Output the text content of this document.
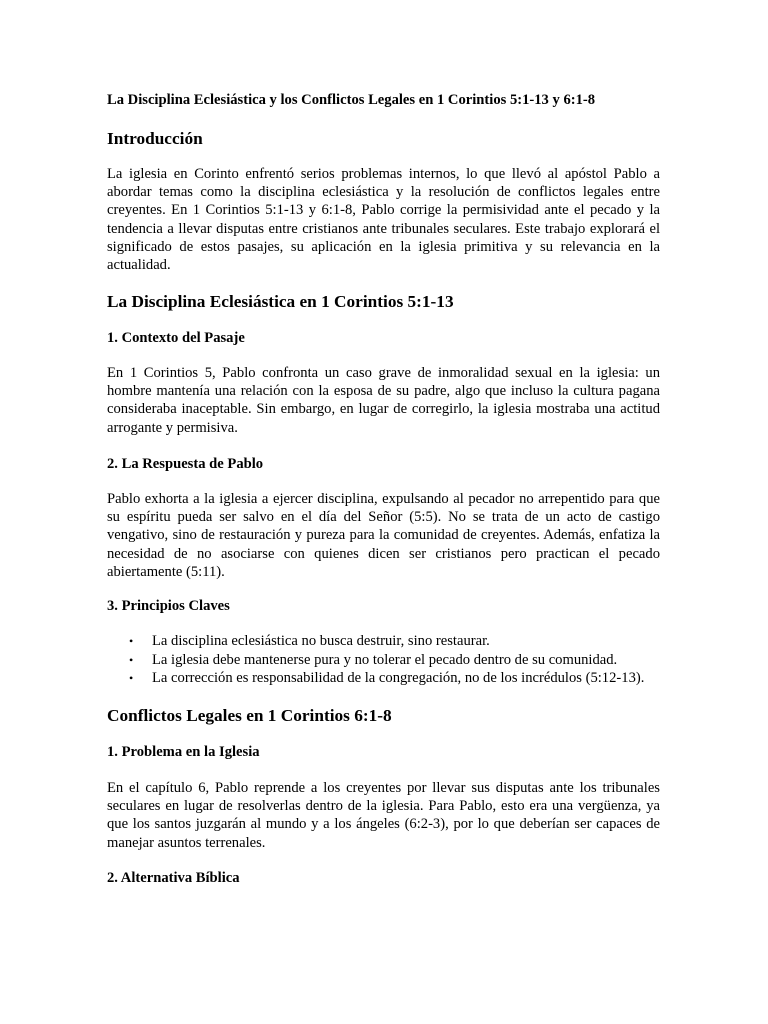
La Disciplina Eclesiástica y los Conflictos Legales en 1 Corintios 5:1-13 y 6:1-8

Introducción

La iglesia en Corinto enfrentó serios problemas internos, lo que llevó al apóstol Pablo a abordar temas como la disciplina eclesiástica y la resolución de conflictos legales entre creyentes. En 1 Corintios 5:1-13 y 6:1-8, Pablo corrige la permisividad ante el pecado y la tendencia a llevar disputas entre cristianos ante tribunales seculares. Este trabajo explorará el significado de estos pasajes, su aplicación en la iglesia primitiva y su relevancia en la actualidad.

La Disciplina Eclesiástica en 1 Corintios 5:1-13
1. Contexto del Pasaje

En 1 Corintios 5, Pablo confronta un caso grave de inmoralidad sexual en la iglesia: un hombre mantenía una relación con la esposa de su padre, algo que incluso la cultura pagana consideraba inaceptable. Sin embargo, en lugar de corregirlo, la iglesia mostraba una actitud arrogante y permisiva.

2. La Respuesta de Pablo

Pablo exhorta a la iglesia a ejercer disciplina, expulsando al pecador no arrepentido para que su espíritu pueda ser salvo en el día del Señor (5:5). No se trata de un acto de castigo vengativo, sino de restauración y pureza para la comunidad de creyentes. Además, enfatiza la necesidad de no asociarse con quienes dicen ser cristianos pero practican el pecado abiertamente (5:11).

3. Principios Claves
• La disciplina eclesiástica no busca destruir, sino restaurar.
• La iglesia debe mantenerse pura y no tolerar el pecado dentro de su comunidad.
• La corrección es responsabilidad de la congregación, no de los incrédulos (5:12-13).
Conflictos Legales en 1 Corintios 6:1-8
1. Problema en la Iglesia

En el capítulo 6, Pablo reprende a los creyentes por llevar sus disputas ante los tribunales seculares en lugar de resolverlas dentro de la iglesia. Para Pablo, esto era una vergüenza, ya que los santos juzgarán al mundo y a los ángeles (6:2-3), por lo que deberían ser capaces de manejar asuntos terrenales.

2. Alternativa Bíblica
